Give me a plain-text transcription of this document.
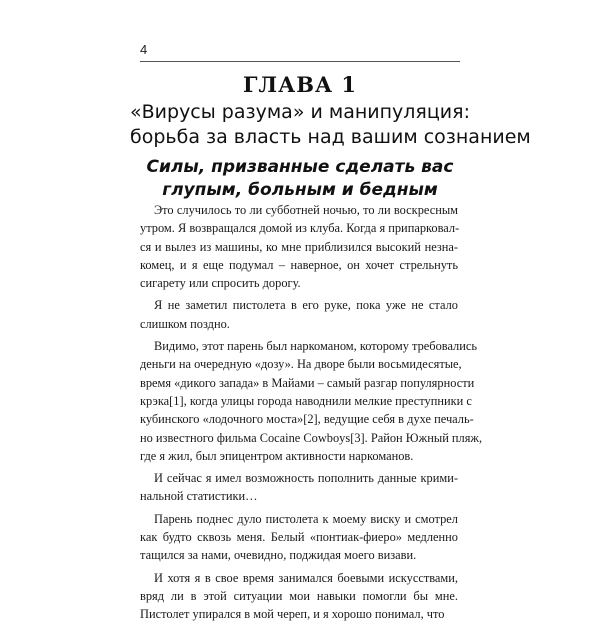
4
ГЛАВА 1
«Вирусы разума» и манипуляция:
борьба за власть над вашим сознанием
Силы, призванные сделать вас
глупым, больным и бедным
Это случилось то ли субботней ночью, то ли воскресным
утром. Я возвращался домой из клуба. Когда я припарковал-
ся и вылез из машины, ко мне приблизился высокий незна-
комец, и я еще подумал – наверное, он хочет стрельнуть
сигарету или спросить дорогу.
Я не заметил пистолета в его руке, пока уже не стало
слишком поздно.
Видимо, этот парень был наркоманом, которому требовались
деньги на очередную «дозу». На дворе были восьмидесятые,
время «дикого запада» в Майами – самый разгар популярности
крэка[1], когда улицы города наводнили мелкие преступники с
кубинского «лодочного моста»[2], ведущие себя в духе печаль-
но известного фильма Cocaine Cowboys[3]. Район Южный пляж,
где я жил, был эпицентром активности наркоманов.
И сейчас я имел возможность пополнить данные крими-
нальной статистики…
Парень поднес дуло пистолета к моему виску и смотрел
как будто сквозь меня. Белый «понтиак-фиеро» медленно
тащился за нами, очевидно, поджидая моего визави.
И хотя я в свое время занимался боевыми искусствами,
вряд ли в этой ситуации мои навыки помогли бы мне.
Пистолет упирался в мой череп, и я хорошо понимал, что
